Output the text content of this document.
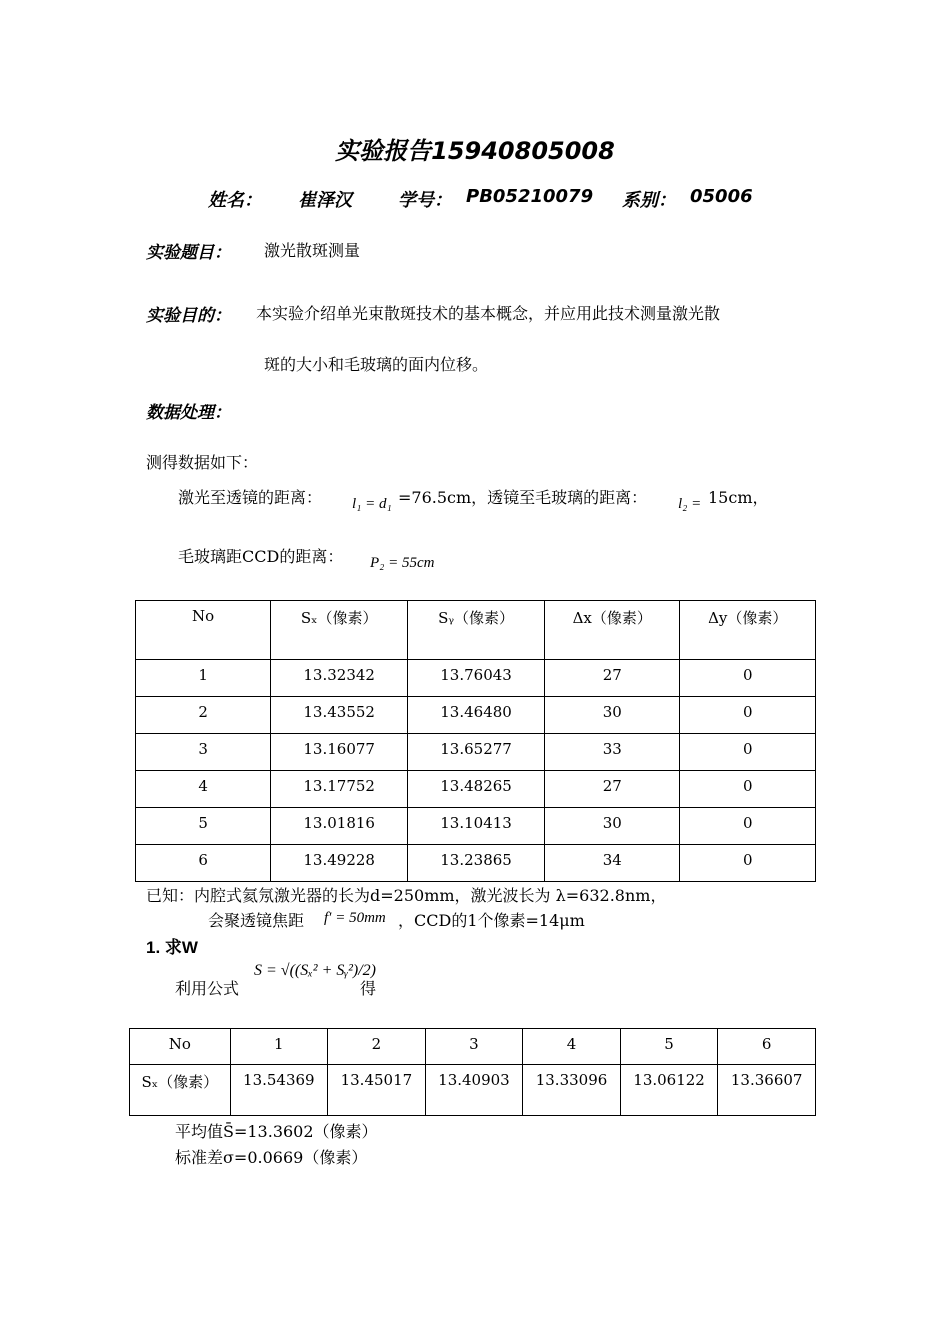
实验报告15940805008
姓名： 崔泽汉	学号： PB05210079 系别： 05006
实验题目： 激光散斑测量
实验目的： 本实验介绍单光束散斑技术的基本概念，并应用此技术测量激光散
斑的大小和毛玻璃的面内位移。
数据处理：
测得数据如下：
激光至透镜的距离： l₁ = d₁ =76.5cm，透镜至毛玻璃的距离： l₂ = 15cm，
毛玻璃距CCD的距离： P₂ = 55cm
No	Sₓ（像素）	Sᵧ（像素）	Δx（像素）	Δy（像素）
1	13.32342	13.76043	27	0
2	13.43552	13.46480	30	0
3	13.16077	13.65277	33	0
4	13.17752	13.48265	27	0
5	13.01816	13.10413	30	0
6	13.49228	13.23865	34	0
已知：内腔式氦氖激光器的长为d=250mm，激光波长为 λ=632.8nm，
会聚透镜焦距 f′ = 50mm ，CCD的1个像素=14μm
1. 求W
利用公式
S = √((Sₓ² + Sᵧ²)/2)
得
No	1	2	3	4	5	6
Sₓ（像素）	13.54369	13.45017	13.40903	13.33096	13.06122	13.36607
平均值S̄=13.3602（像素）
标准差σ=0.0669（像素）
